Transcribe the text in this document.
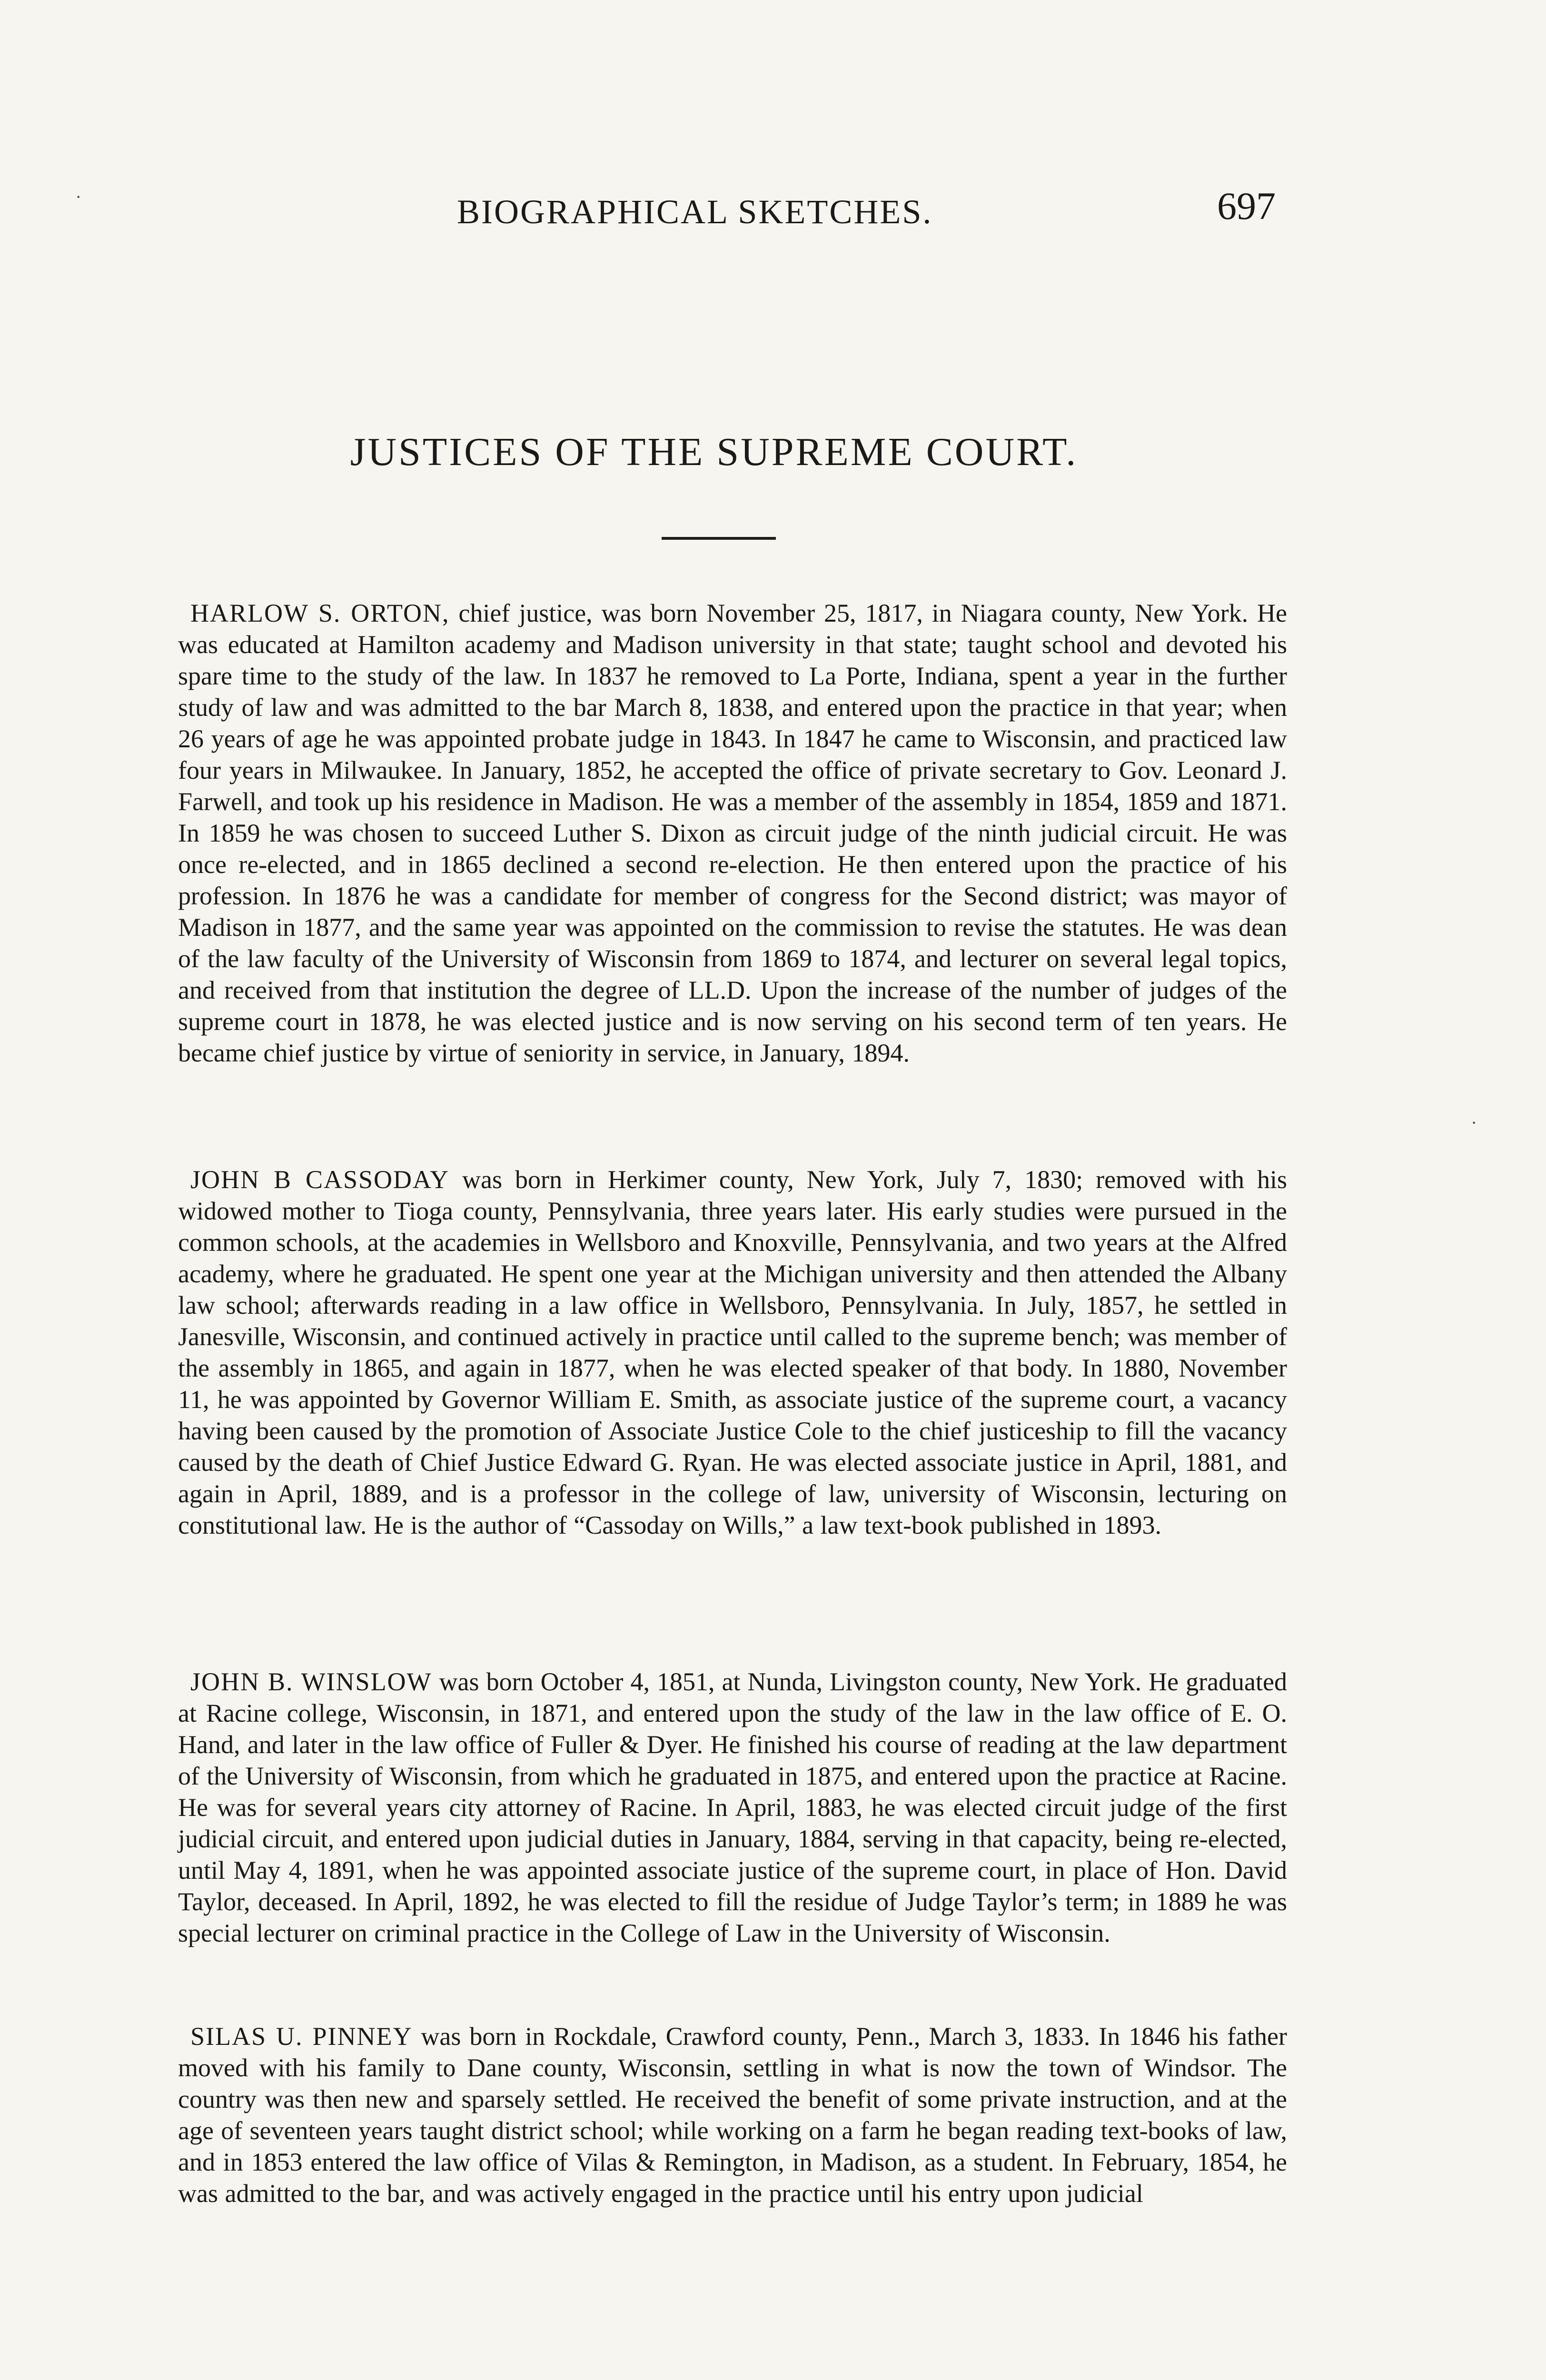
BIOGRAPHICAL SKETCHES.	697
JUSTICES OF THE SUPREME COURT.

HARLOW S. ORTON, chief justice, was born November 25, 1817, in Niagara county, New York. He was educated at Hamilton academy and Madison university in that state; taught school and devoted his spare time to the study of the law. In 1837 he removed to La Porte, Indiana, spent a year in the further study of law and was admitted to the bar March 8, 1838, and entered upon the practice in that year; when 26 years of age he was appointed probate judge in 1843. In 1847 he came to Wisconsin, and practiced law four years in Milwaukee. In January, 1852, he accepted the office of private secretary to Gov. Leonard J. Farwell, and took up his residence in Madison. He was a member of the assembly in 1854, 1859 and 1871. In 1859 he was chosen to succeed Luther S. Dixon as circuit judge of the ninth judicial circuit. He was once re-elected, and in 1865 declined a second re-election. He then entered upon the practice of his profession. In 1876 he was a candidate for member of congress for the Second district; was mayor of Madison in 1877, and the same year was appointed on the commission to revise the statutes. He was dean of the law faculty of the University of Wisconsin from 1869 to 1874, and lecturer on several legal topics, and received from that institution the degree of LL.D. Upon the increase of the number of judges of the supreme court in 1878, he was elected justice and is now serving on his second term of ten years. He became chief justice by virtue of seniority in service, in January, 1894.

JOHN B CASSODAY was born in Herkimer county, New York, July 7, 1830; removed with his widowed mother to Tioga county, Pennsylvania, three years later. His early studies were pursued in the common schools, at the academies in Wellsboro and Knoxville, Pennsylvania, and two years at the Alfred academy, where he graduated. He spent one year at the Michigan university and then attended the Albany law school; afterwards reading in a law office in Wellsboro, Pennsylvania. In July, 1857, he settled in Janesville, Wisconsin, and continued actively in practice until called to the supreme bench; was member of the assembly in 1865, and again in 1877, when he was elected speaker of that body. In 1880, November 11, he was appointed by Governor William E. Smith, as associate justice of the supreme court, a vacancy having been caused by the promotion of Associate Justice Cole to the chief justiceship to fill the vacancy caused by the death of Chief Justice Edward G. Ryan. He was elected associate justice in April, 1881, and again in April, 1889, and is a professor in the college of law, university of Wisconsin, lecturing on constitutional law. He is the author of “Cassoday on Wills,” a law text-book published in 1893.

JOHN B. WINSLOW was born October 4, 1851, at Nunda, Livingston county, New York. He graduated at Racine college, Wisconsin, in 1871, and entered upon the study of the law in the law office of E. O. Hand, and later in the law office of Fuller & Dyer. He finished his course of reading at the law department of the University of Wisconsin, from which he graduated in 1875, and entered upon the practice at Racine. He was for several years city attorney of Racine. In April, 1883, he was elected circuit judge of the first judicial circuit, and entered upon judicial duties in January, 1884, serving in that capacity, being re-elected, until May 4, 1891, when he was appointed associate justice of the supreme court, in place of Hon. David Taylor, deceased. In April, 1892, he was elected to fill the residue of Judge Taylor’s term; in 1889 he was special lecturer on criminal practice in the College of Law in the University of Wisconsin.

SILAS U. PINNEY was born in Rockdale, Crawford county, Penn., March 3, 1833. In 1846 his father moved with his family to Dane county, Wisconsin, settling in what is now the town of Windsor. The country was then new and sparsely settled. He received the benefit of some private instruction, and at the age of seventeen years taught district school; while working on a farm he began reading text-books of law, and in 1853 entered the law office of Vilas & Remington, in Madison, as a student. In February, 1854, he was admitted to the bar, and was actively engaged in the practice until his entry upon judicial

·
·
